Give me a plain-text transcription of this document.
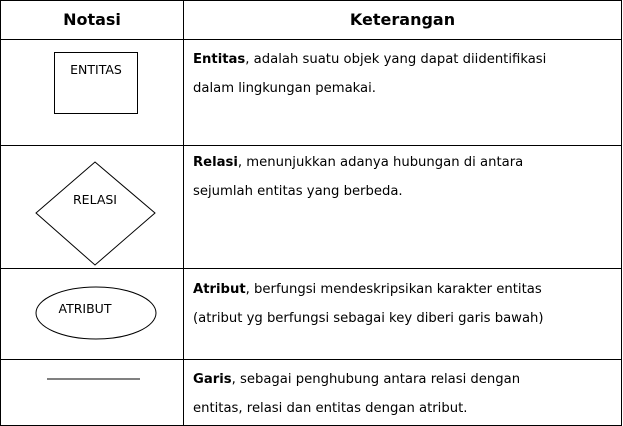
Notasi	Keterangan
ENTITAS
Entitas, adalah suatu objek yang dapat diidentifikasi
dalam lingkungan pemakai.
RELASI
Relasi, menunjukkan adanya hubungan di antara
sejumlah entitas yang berbeda.
ATRIBUT
Atribut, berfungsi mendeskripsikan karakter entitas
(atribut yg berfungsi sebagai key diberi garis bawah)
Garis, sebagai penghubung antara relasi dengan
entitas, relasi dan entitas dengan atribut.
